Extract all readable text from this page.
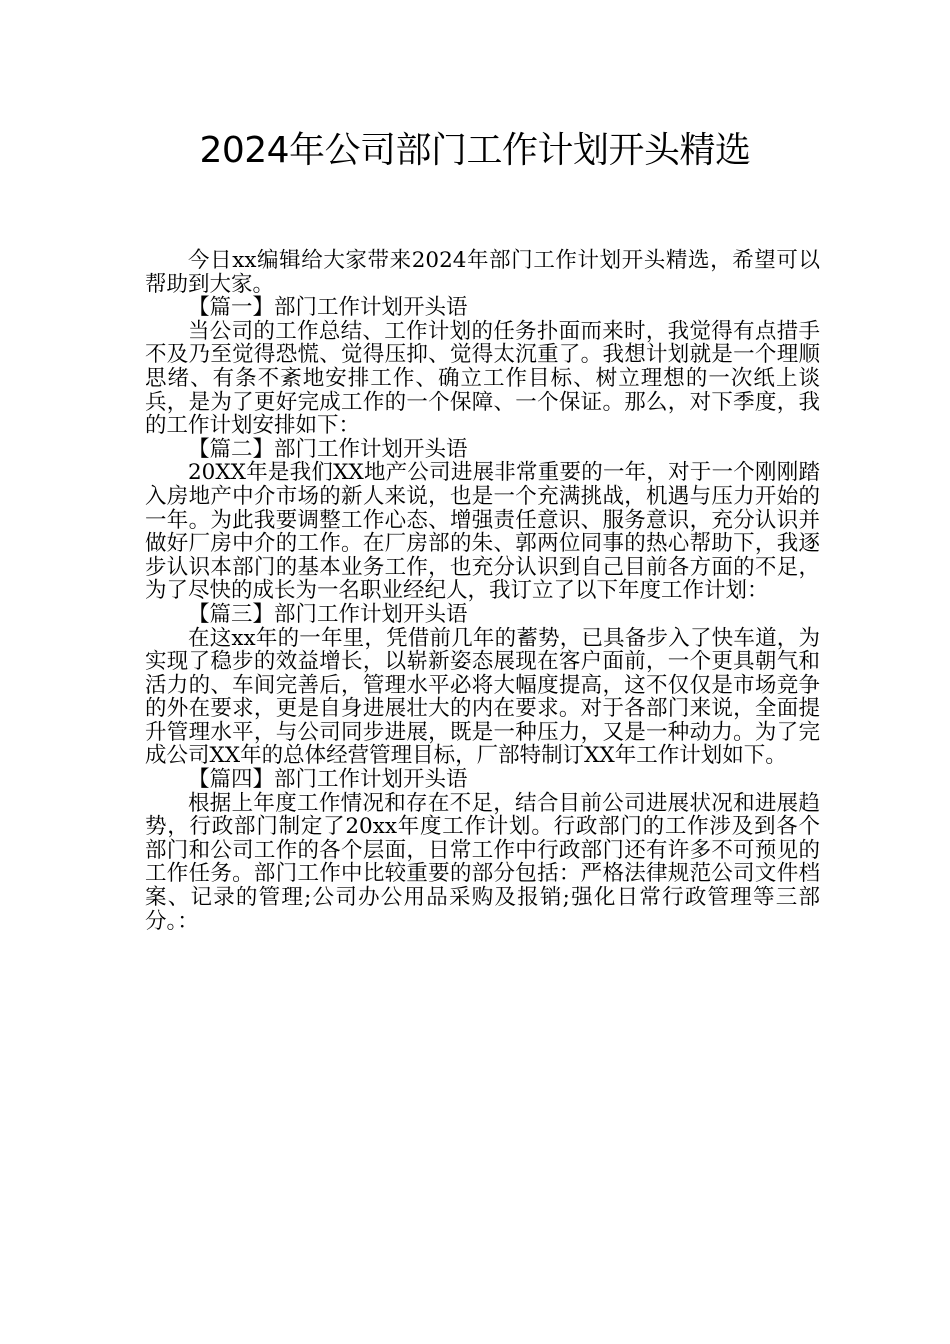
2024年公司部门工作计划开头精选

今日xx编辑给大家带来2024年部门工作计划开头精选，希望可以帮助到大家。

【篇一】部门工作计划开头语

当公司的工作总结、工作计划的任务扑面而来时，我觉得有点措手不及乃至觉得恐慌、觉得压抑、觉得太沉重了。我想计划就是一个理顺思绪、有条不紊地安排工作、确立工作目标、树立理想的一次纸上谈兵，是为了更好完成工作的一个保障、一个保证。那么，对下季度，我的工作计划安排如下：

【篇二】部门工作计划开头语

20XX年是我们XX地产公司进展非常重要的一年，对于一个刚刚踏入房地产中介市场的新人来说，也是一个充满挑战，机遇与压力开始的一年。为此我要调整工作心态、增强责任意识、服务意识，充分认识并做好厂房中介的工作。在厂房部的朱、郭两位同事的热心帮助下，我逐步认识本部门的基本业务工作，也充分认识到自己目前各方面的不足，为了尽快的成长为一名职业经纪人，我订立了以下年度工作计划：

【篇三】部门工作计划开头语

在这xx年的一年里，凭借前几年的蓄势，已具备步入了快车道，为实现了稳步的效益增长，以崭新姿态展现在客户面前，一个更具朝气和活力的、车间完善后，管理水平必将大幅度提高，这不仅仅是市场竞争的外在要求，更是自身进展壮大的内在要求。对于各部门来说，全面提升管理水平，与公司同步进展，既是一种压力，又是一种动力。为了完成公司XX年的总体经营管理目标，厂部特制订XX年工作计划如下。

【篇四】部门工作计划开头语

根据上年度工作情况和存在不足，结合目前公司进展状况和进展趋势，行政部门制定了20xx年度工作计划。行政部门的工作涉及到各个部门和公司工作的各个层面，日常工作中行政部门还有许多不可预见的工作任务。部门工作中比较重要的部分包括：严格法律规范公司文件档案、记录的管理;公司办公用品采购及报销;强化日常行政管理等三部分。：
